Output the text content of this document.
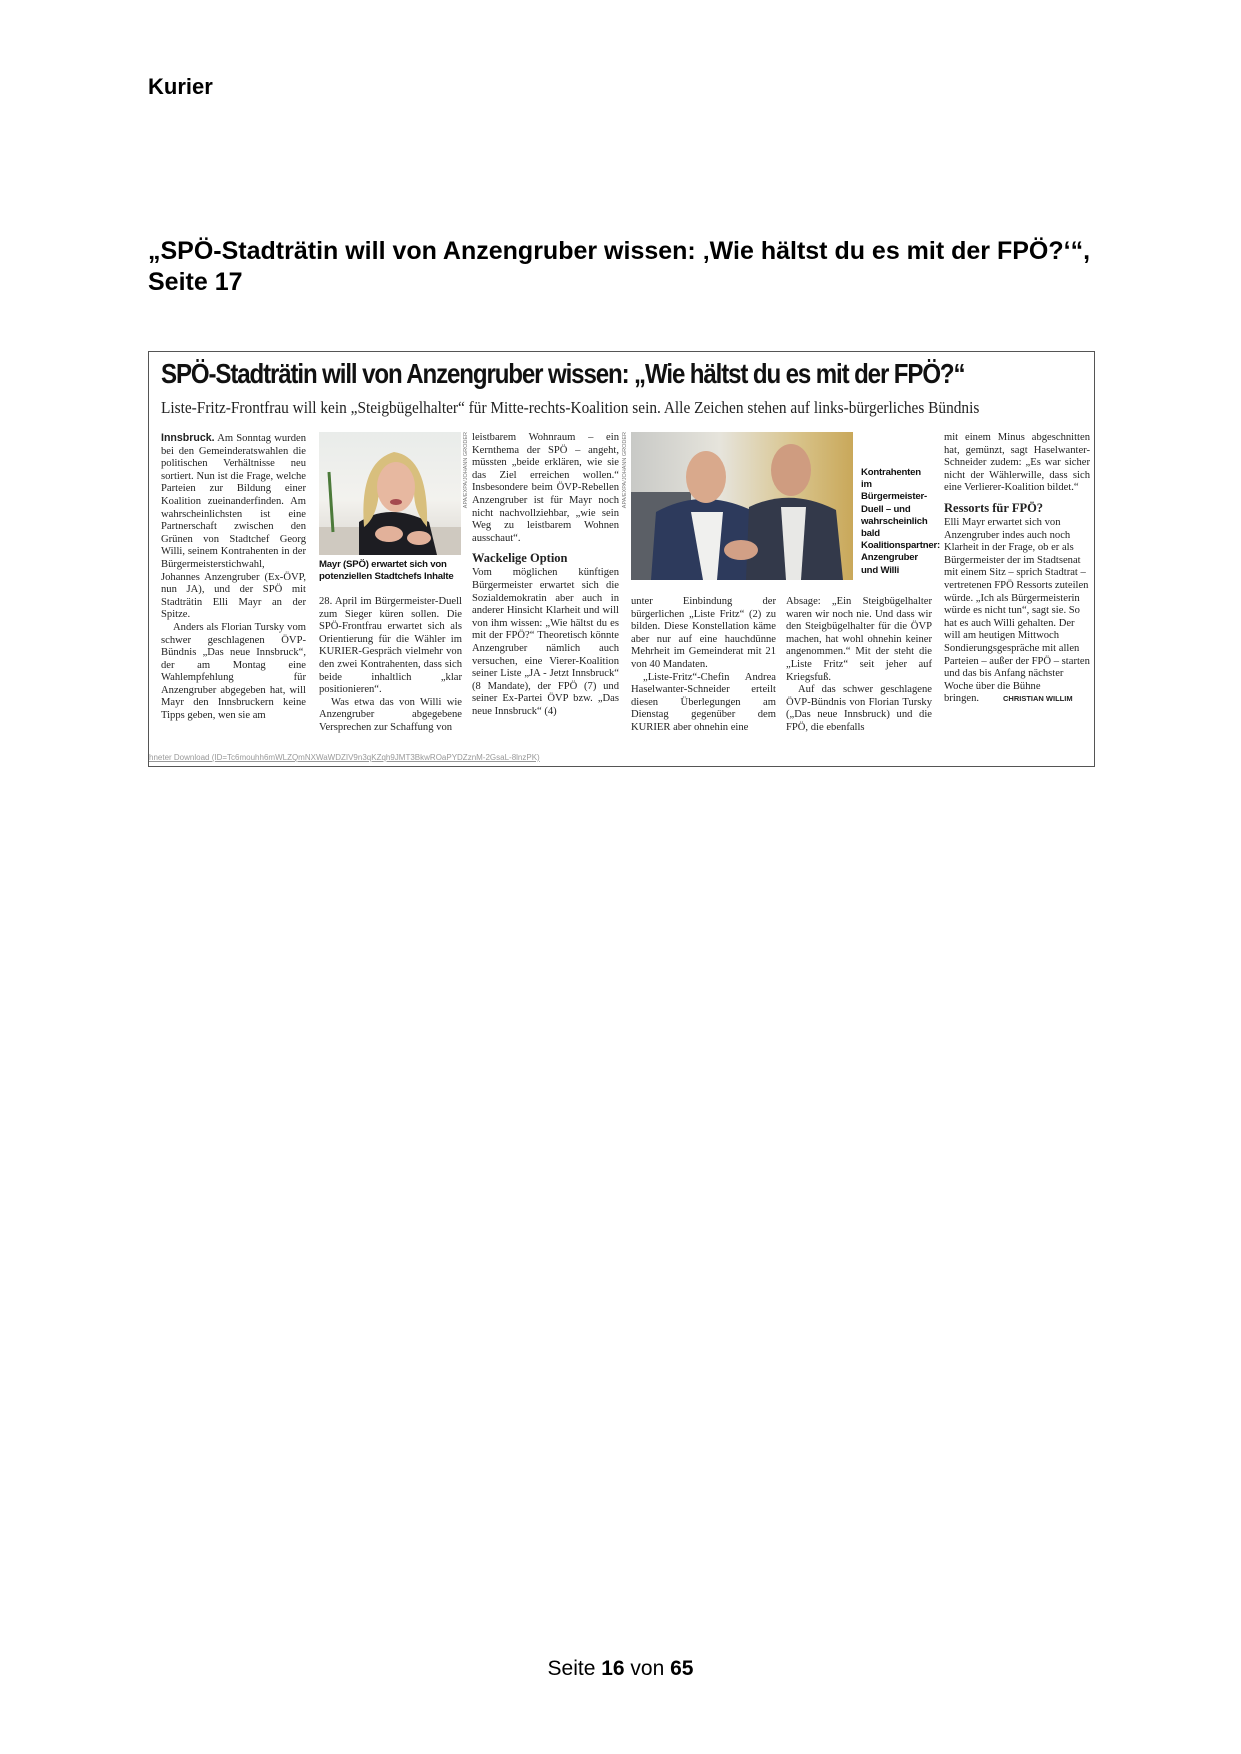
Kurier
„SPÖ-Stadträtin will von Anzengruber wissen: ‚Wie hältst du es mit der FPÖ?‘“, Seite 17
SPÖ-Stadträtin will von Anzengruber wissen: „Wie hältst du es mit der FPÖ?“
Liste-Fritz-Frontfrau will kein „Steigbügelhalter“ für Mitte-rechts-Koalition sein. Alle Zeichen stehen auf links-bürgerliches Bündnis

Innsbruck. Am Sonntag wurden bei den Gemeinderatswahlen die politischen Verhältnisse neu sortiert. Nun ist die Frage, welche Parteien zur Bildung einer Koalition zueinanderfinden. Am wahrscheinlichsten ist eine Partnerschaft zwischen den Grünen von Stadtchef Georg Willi, seinem Kontrahenten in der Bürgermeisterstichwahl, Johannes Anzengruber (Ex-ÖVP, nun JA), und der SPÖ mit Stadträtin Elli Mayr an der Spitze.

Anders als Florian Tursky vom schwer geschlagenen ÖVP-Bündnis „Das neue Innsbruck“, der am Montag eine Wahlempfehlung für Anzengruber abgegeben hat, will Mayr den Innsbruckern keine Tipps geben, wen sie am

APA/EXPA/JOHANN GRODER
Mayr (SPÖ) erwartet sich von potenziellen Stadtchefs Inhalte

28. April im Bürgermeister-Duell zum Sieger küren sollen. Die SPÖ-Frontfrau erwartet sich als Orientierung für die Wähler im KURIER-Gespräch vielmehr von den zwei Kontrahenten, dass sich beide inhaltlich „klar positionieren“.

Was etwa das von Willi wie Anzengruber abgegebene Versprechen zur Schaffung von

leistbarem Wohnraum – ein Kernthema der SPÖ – angeht, müssten „beide erklären, wie sie das Ziel erreichen wollen.“ Insbesondere beim ÖVP-Rebellen Anzengruber ist für Mayr noch nicht nachvollziehbar, „wie sein Weg zu leistbarem Wohnen ausschaut“.

Wackelige Option

Vom möglichen künftigen Bürgermeister erwartet sich die Sozialdemokratin aber auch in anderer Hinsicht Klarheit und will von ihm wissen: „Wie hältst du es mit der FPÖ?“ Theoretisch könnte Anzengruber nämlich auch versuchen, eine Vierer-Koalition seiner Liste „JA - Jetzt Innsbruck“ (8 Mandate), der FPÖ (7) und seiner Ex-Partei ÖVP bzw. „Das neue Innsbruck“ (4)

APA/EXPA/JOHANN GRODER	Kontrahenten im Bürgermeister-Duell – und wahrscheinlich bald Koalitionspartner: Anzengruber und Willi

unter Einbindung der bürgerlichen „Liste Fritz“ (2) zu bilden. Diese Konstellation käme aber nur auf eine hauchdünne Mehrheit im Gemeinderat mit 21 von 40 Mandaten.

„Liste-Fritz“-Chefin Andrea Haselwanter-Schneider erteilt diesen Überlegungen am Dienstag gegenüber dem KURIER aber ohnehin eine

Absage: „Ein Steigbügelhalter waren wir noch nie. Und dass wir den Steigbügelhalter für die ÖVP machen, hat wohl ohnehin keiner angenommen.“ Mit der steht die „Liste Fritz“ seit jeher auf Kriegsfuß.

Auf das schwer geschlagene ÖVP-Bündnis von Florian Tursky („Das neue Innsbruck) und die FPÖ, die ebenfalls

mit einem Minus abgeschnitten hat, gemünzt, sagt Haselwanter-Schneider zudem: „Es war sicher nicht der Wählerwille, dass sich eine Verlierer-Koalition bildet.“

Ressorts für FPÖ?

Elli Mayr erwartet sich von Anzengruber indes auch noch Klarheit in der Frage, ob er als Bürgermeister der im Stadtsenat mit einem Sitz – sprich Stadtrat – vertretenen FPÖ Ressorts zuteilen würde. „Ich als Bürgermeisterin würde es nicht tun“, sagt sie. So hat es auch Willi gehalten. Der will am heutigen Mittwoch Sondierungsgespräche mit allen Parteien – außer der FPÖ – starten und das bis Anfang nächster Woche über die Bühne bringen.	CHRISTIAN WILLIM

hneter Download (ID=Tc6mouhh6mWLZQmNXWaWDZIV9n3qKZqh9JMT3BkwROaPYDZznM-2GsaL-8lnzPK)
Seite 16 von 65
